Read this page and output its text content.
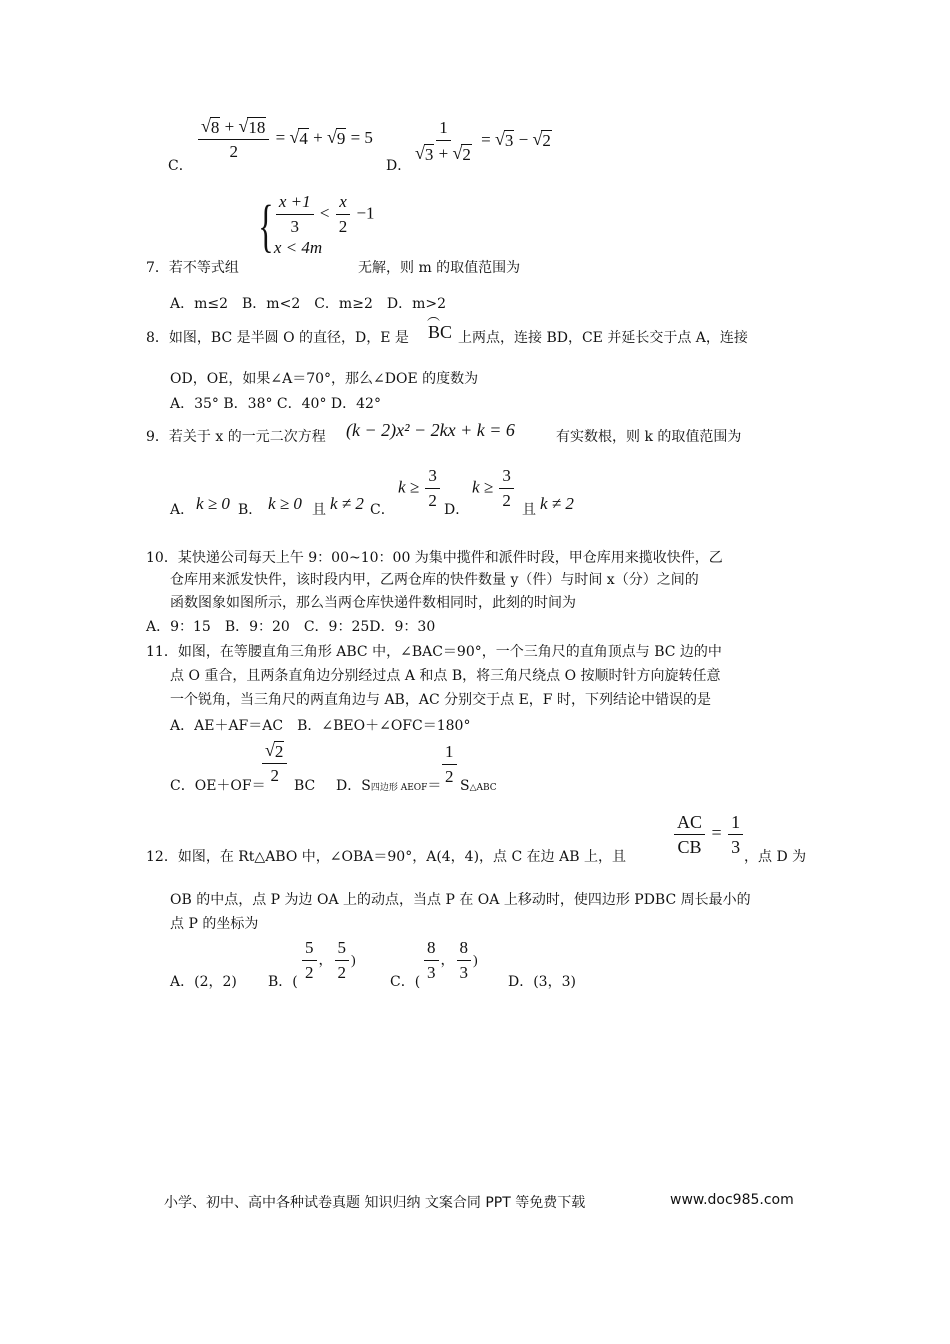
C．
$\frac{√ 8 + √ 18}{2}$ = √ 4 + √ 9 = 5
D．
$\frac{1}{√ 3 + √ 2}$ = √ 3 − √ 2
7．若不等式组
{ $\frac{x +1}{3} < \frac{x}{2} -1$
x < 4m
无解，则 m 的取值范围为
A．m≤2　B．m<2　C．m≥2　D．m>2
8．如图，BC 是半圆 O 的直径，D，E 是
︵
BC 上两点，连接 BD，CE 并延长交于点 A，连接
OD，OE，如果∠A＝70°，那么∠DOE 的度数为
A．35° B．38° C．40° D．42°
9．若关于 x 的一元二次方程 (k − 2)x² − 2kx + k = 6	有实数根，则 k 的取值范围为
A． k ≥ 0 B． k ≥ 0 且 k ≠ 2 C．
$k \ge \frac{3}{2}$ D．
$k \ge \frac{3}{2}$ 且 k ≠ 2
10．某快递公司每天上午 9：00~10：00 为集中揽件和派件时段，甲仓库用来揽收快件，乙
仓库用来派发快件，该时段内甲，乙两仓库的快件数量 y（件）与时间 x（分）之间的
函数图象如图所示，那么当两仓库快递件数相同时，此刻的时间为
A．9：15　B．9：20　C．9：25D．9：30
11．如图，在等腰直角三角形 ABC 中，∠BAC＝90°，一个三角尺的直角顶点与 BC 边的中
点 O 重合，且两条直角边分别经过点 A 和点 B，将三角尺绕点 O 按顺时针方向旋转任意
一个锐角，当三角尺的两直角边与 AB，AC 分别交于点 E，F 时，下列结论中错误的是
A．AE＋AF＝AC　B．∠BEO＋∠OFC＝180°
C．OE＋OF＝
$\frac{√ 2}{2}$ BC D．S四边形 AEOF＝ $\frac{1}{2}$ S△ABC
12．如图，在 Rt△ABO 中，∠OBA＝90°，A(4，4)，点 C 在边 AB 上，且	$\frac{AC}{CB} = \frac{1}{3}$ ，点 D 为
OB 的中点，点 P 为边 OA 上的动点，当点 P 在 OA 上移动时，使四边形 PDBC 周长最小的
点 P 的坐标为
A．(2，2) B．( $\frac{5}{2}$ ， $\frac{5}{2}$ )
C．( $\frac{8}{3}$ ， $\frac{8}{3}$ )
D．(3，3)
小学、初中、高中各种试卷真题 知识归纳 文案合同 PPT 等免费下载	www.doc985.com
